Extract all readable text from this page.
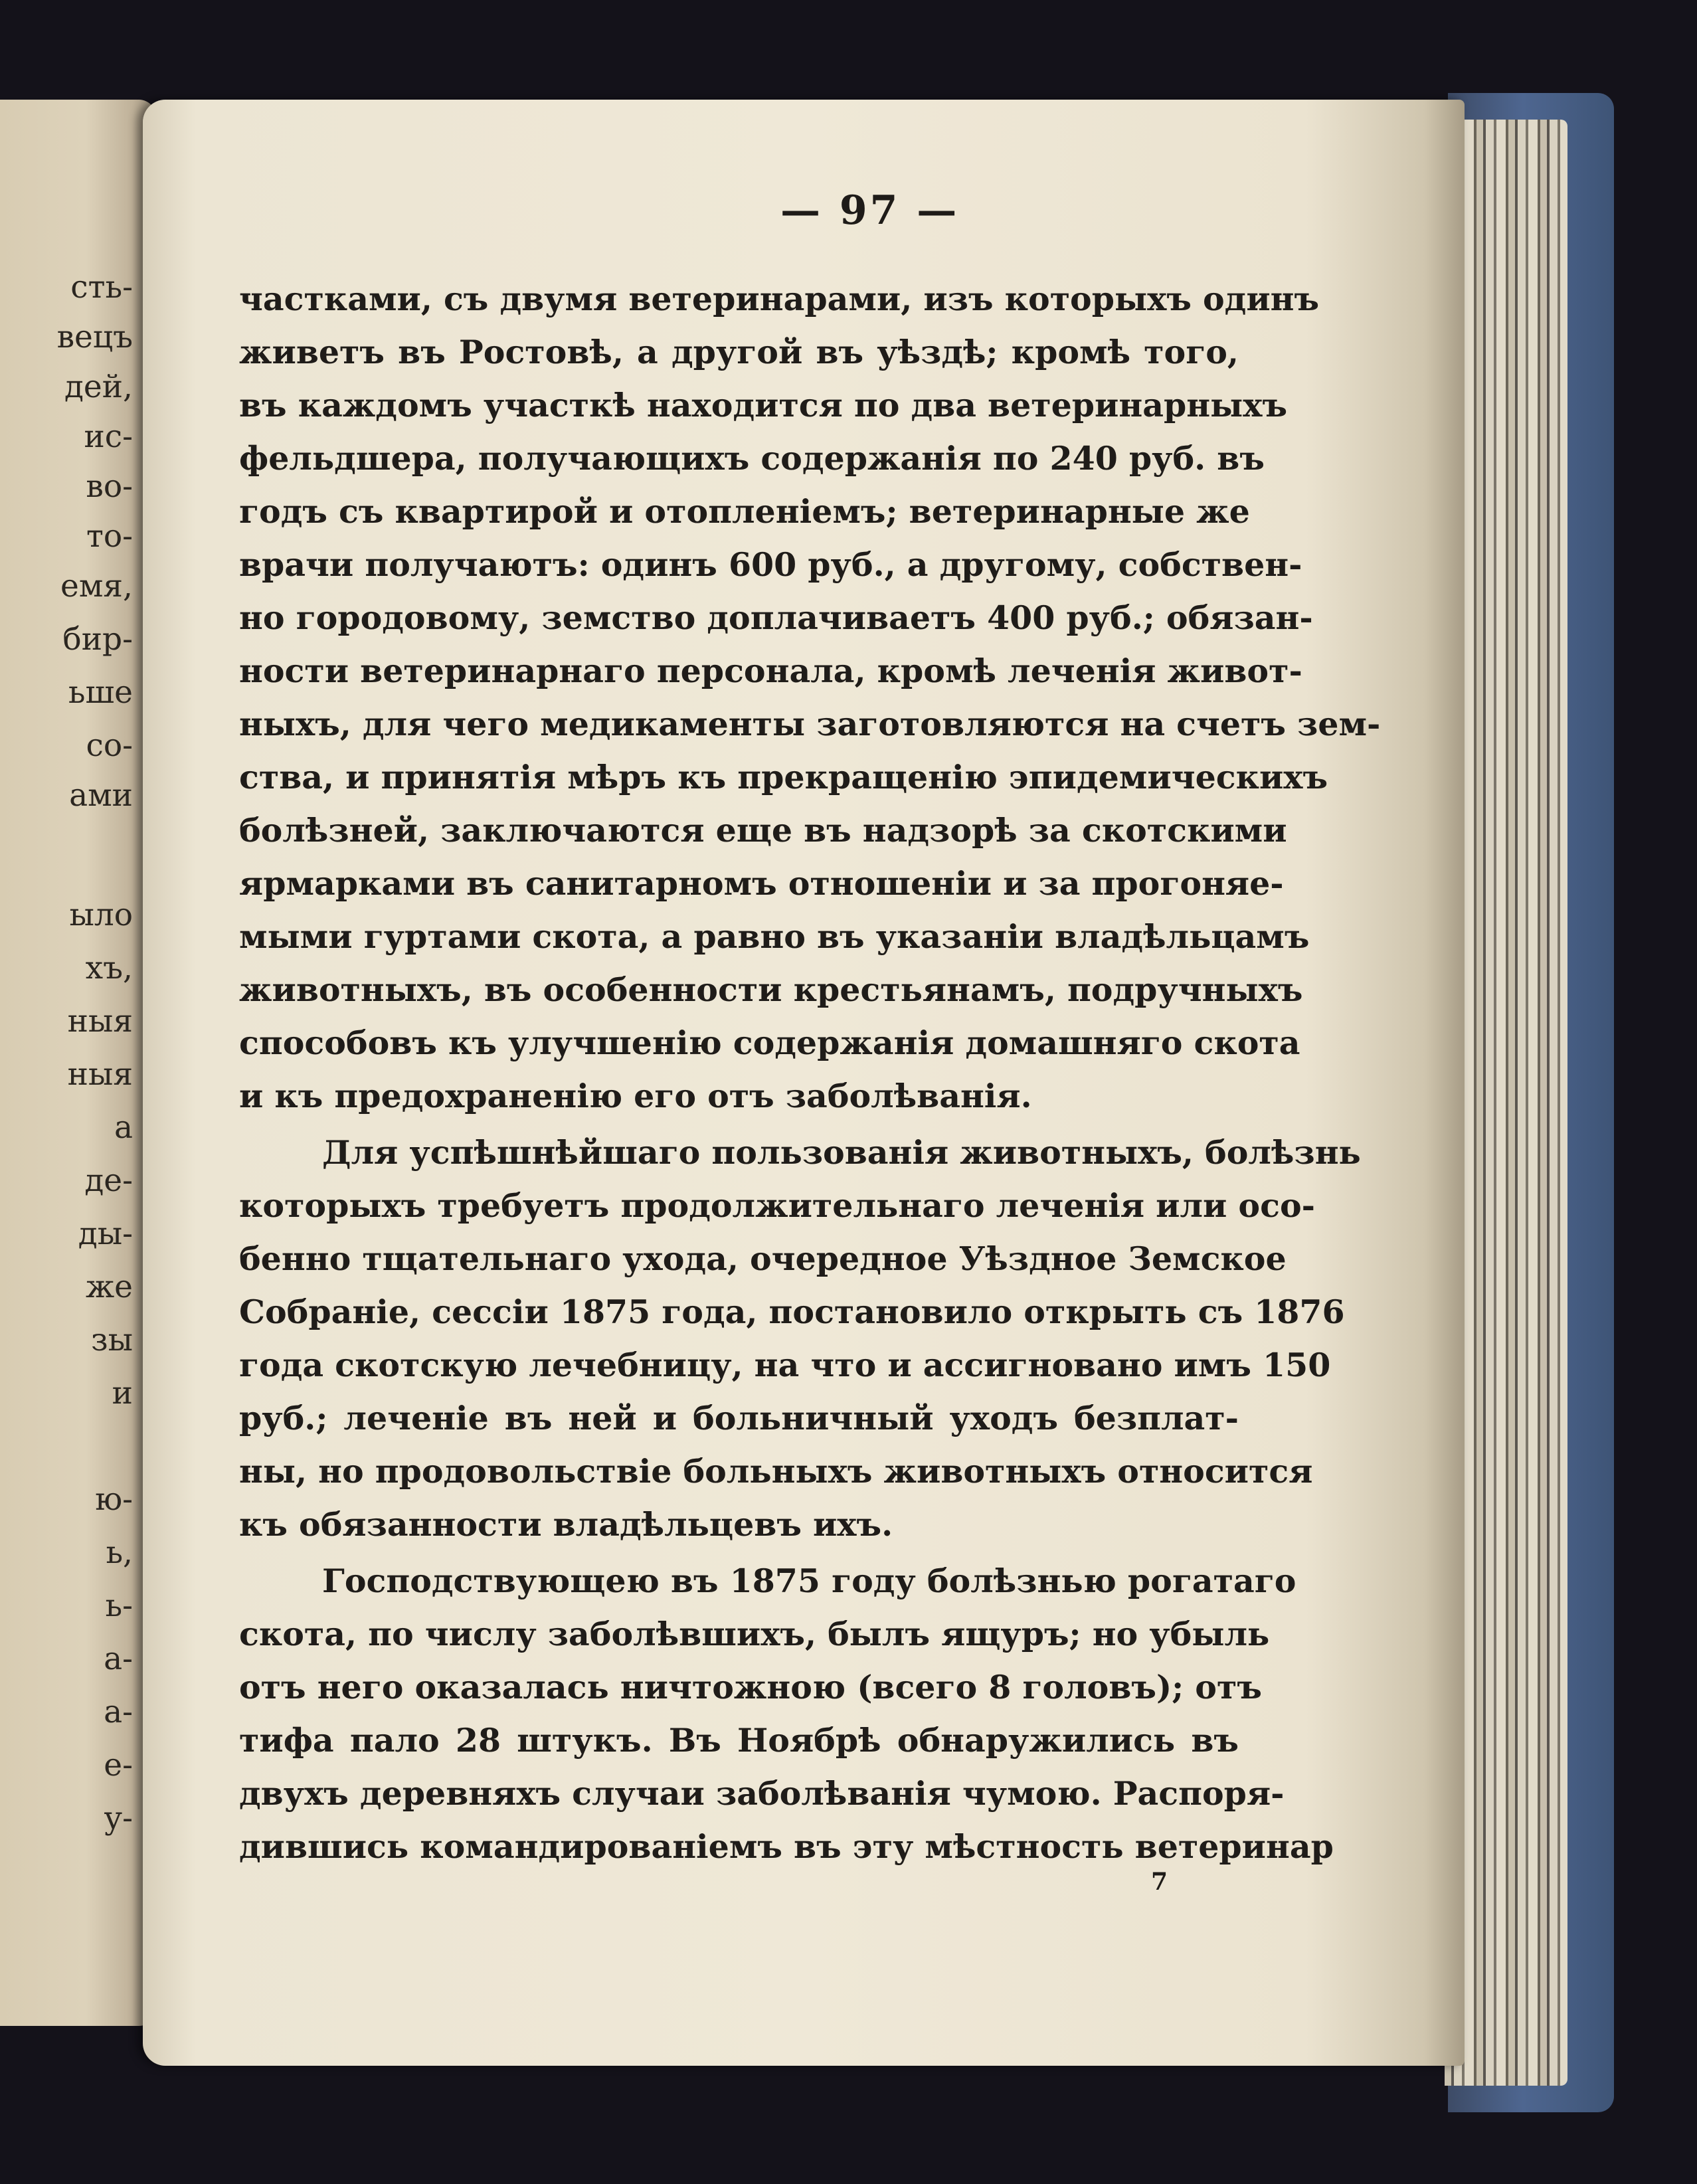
сть-
вецъ
дей,
ис-
во-
то-
емя,
бир-
ьше
со-
ами
ыло
хъ,
ныя
ныя
а
де-
ды-
же
зы
и
ю-
ь,
ь-
а-
а-
е-
у-
— 97 —
частками, съ двумя ветеринарами, изъ которыхъ одинъ
живетъ въ Ростовѣ, а другой въ уѣздѣ; кромѣ того,
въ каждомъ участкѣ находится по два ветеринарныхъ
фельдшера, получающихъ содержанія по 240 руб. въ
годъ съ квартирой и отопленіемъ; ветеринарные же
врачи получаютъ: одинъ 600 руб., а другому, собствен-
но городовому, земство доплачиваетъ 400 руб.; обязан-
ности ветеринарнаго персонала, кромѣ леченія живот-
ныхъ, для чего медикаменты заготовляются на счетъ зем-
ства, и принятія мѣръ къ прекращенію эпидемическихъ
болѣзней, заключаются еще въ надзорѣ за скотскими
ярмарками въ санитарномъ отношеніи и за прогоняе-
мыми гуртами скота, а равно въ указаніи владѣльцамъ
животныхъ, въ особенности крестьянамъ, подручныхъ
способовъ къ улучшенію содержанія домашняго скота
и къ предохраненію его отъ заболѣванія.
Для успѣшнѣйшаго пользованія животныхъ, болѣзнь
которыхъ требуетъ продолжительнаго леченія или осо-
бенно тщательнаго ухода, очередное Уѣздное Земское
Собраніе, сессіи 1875 года, постановило открыть съ 1876
года скотскую лечебницу, на что и ассигновано имъ 150
руб.; леченіе въ ней и больничный уходъ безплат-
ны, но продовольствіе больныхъ животныхъ относится
къ обязанности владѣльцевъ ихъ.
Господствующею въ 1875 году болѣзнью рогатаго
скота, по числу заболѣвшихъ, былъ ящуръ; но убыль
отъ него оказалась ничтожною (всего 8 головъ); отъ
тифа пало 28 штукъ. Въ Ноябрѣ обнаружились въ
двухъ деревняхъ случаи заболѣванія чумою. Распоря-
дившись командированіемъ въ эту мѣстность ветеринар
7
